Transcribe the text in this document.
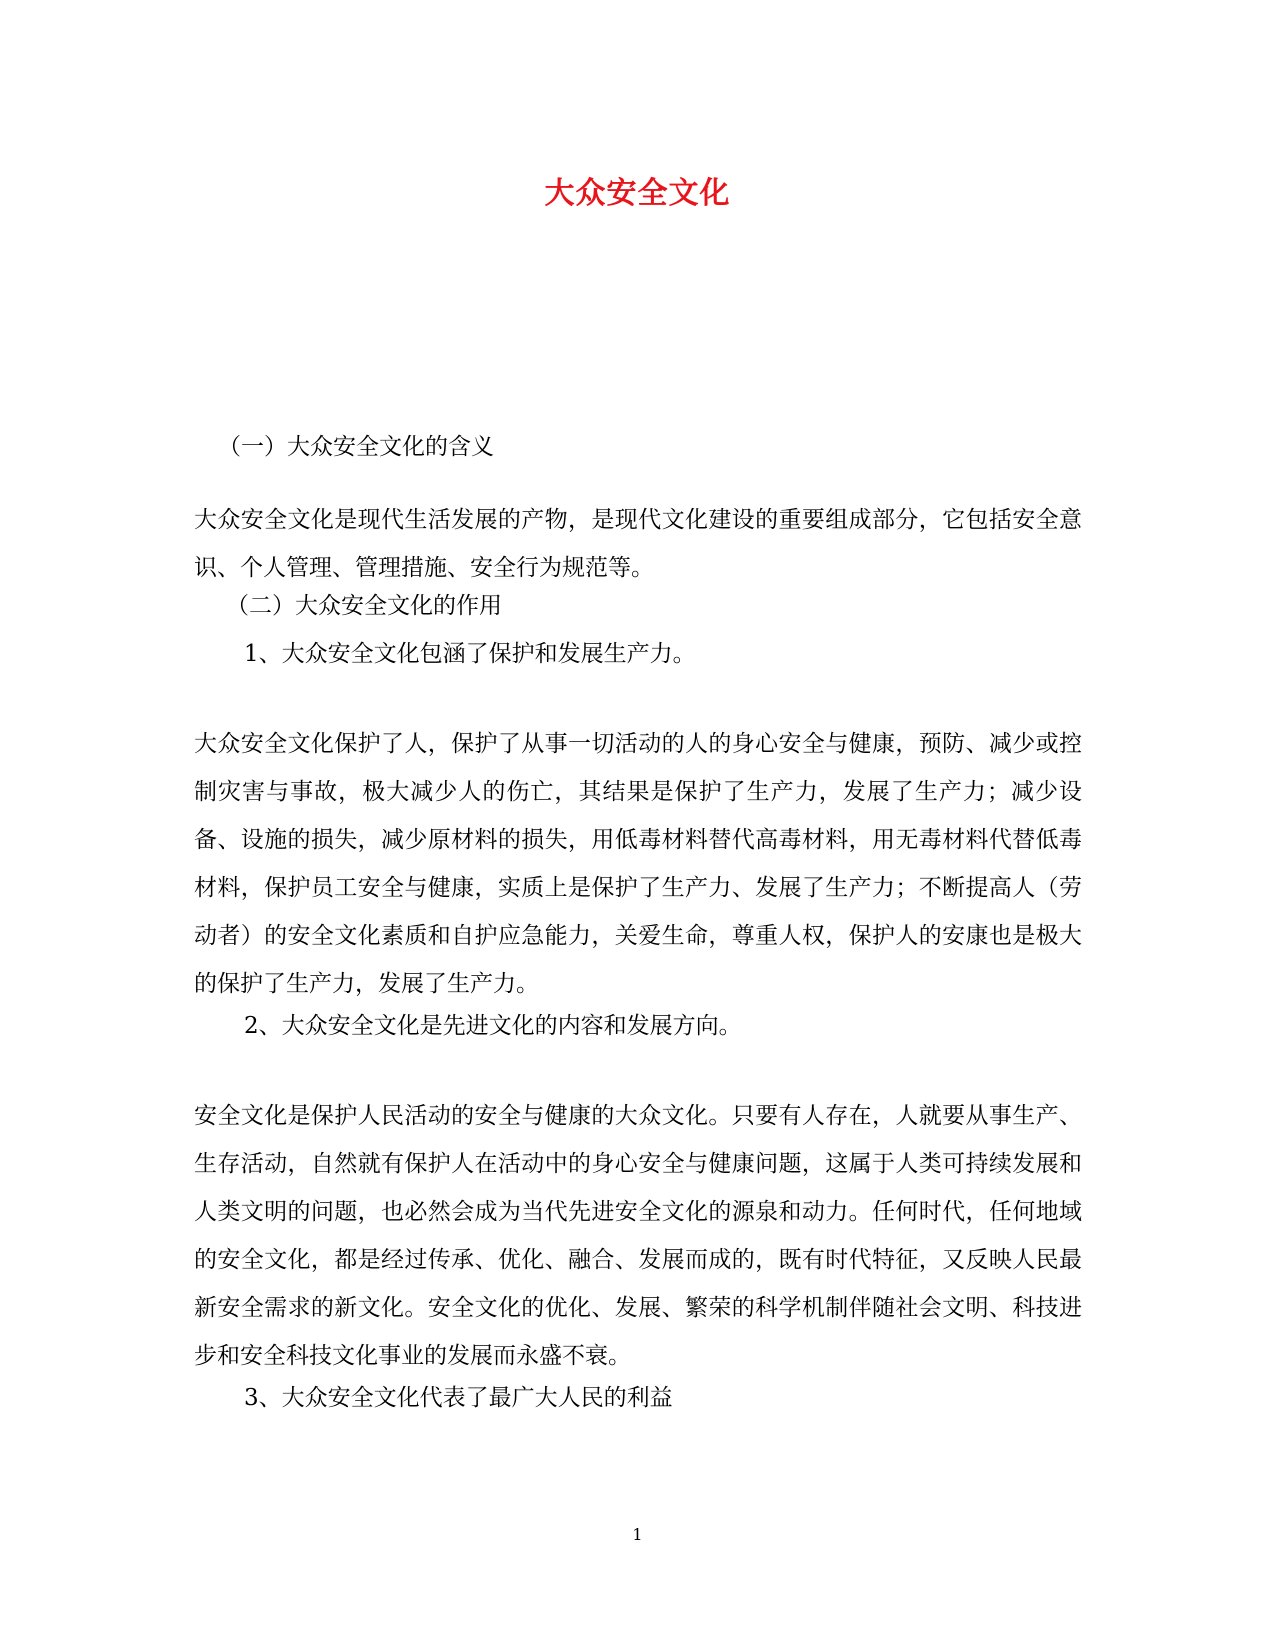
大众安全文化
（一）大众安全文化的含义
大众安全文化是现代生活发展的产物，是现代文化建设的重要组成部分，它包括安全意识、个人管理、管理措施、安全行为规范等。
（二）大众安全文化的作用
1、大众安全文化包涵了保护和发展生产力。
大众安全文化保护了人，保护了从事一切活动的人的身心安全与健康，预防、减少或控制灾害与事故，极大减少人的伤亡，其结果是保护了生产力，发展了生产力；减少设备、设施的损失，减少原材料的损失，用低毒材料替代高毒材料，用无毒材料代替低毒材料，保护员工安全与健康，实质上是保护了生产力、发展了生产力；不断提高人（劳动者）的安全文化素质和自护应急能力，关爱生命，尊重人权，保护人的安康也是极大的保护了生产力，发展了生产力。
2、大众安全文化是先进文化的内容和发展方向。
安全文化是保护人民活动的安全与健康的大众文化。只要有人存在，人就要从事生产、生存活动，自然就有保护人在活动中的身心安全与健康问题，这属于人类可持续发展和人类文明的问题，也必然会成为当代先进安全文化的源泉和动力。任何时代，任何地域的安全文化，都是经过传承、优化、融合、发展而成的，既有时代特征，又反映人民最新安全需求的新文化。安全文化的优化、发展、繁荣的科学机制伴随社会文明、科技进步和安全科技文化事业的发展而永盛不衰。
3、大众安全文化代表了最广大人民的利益
1
